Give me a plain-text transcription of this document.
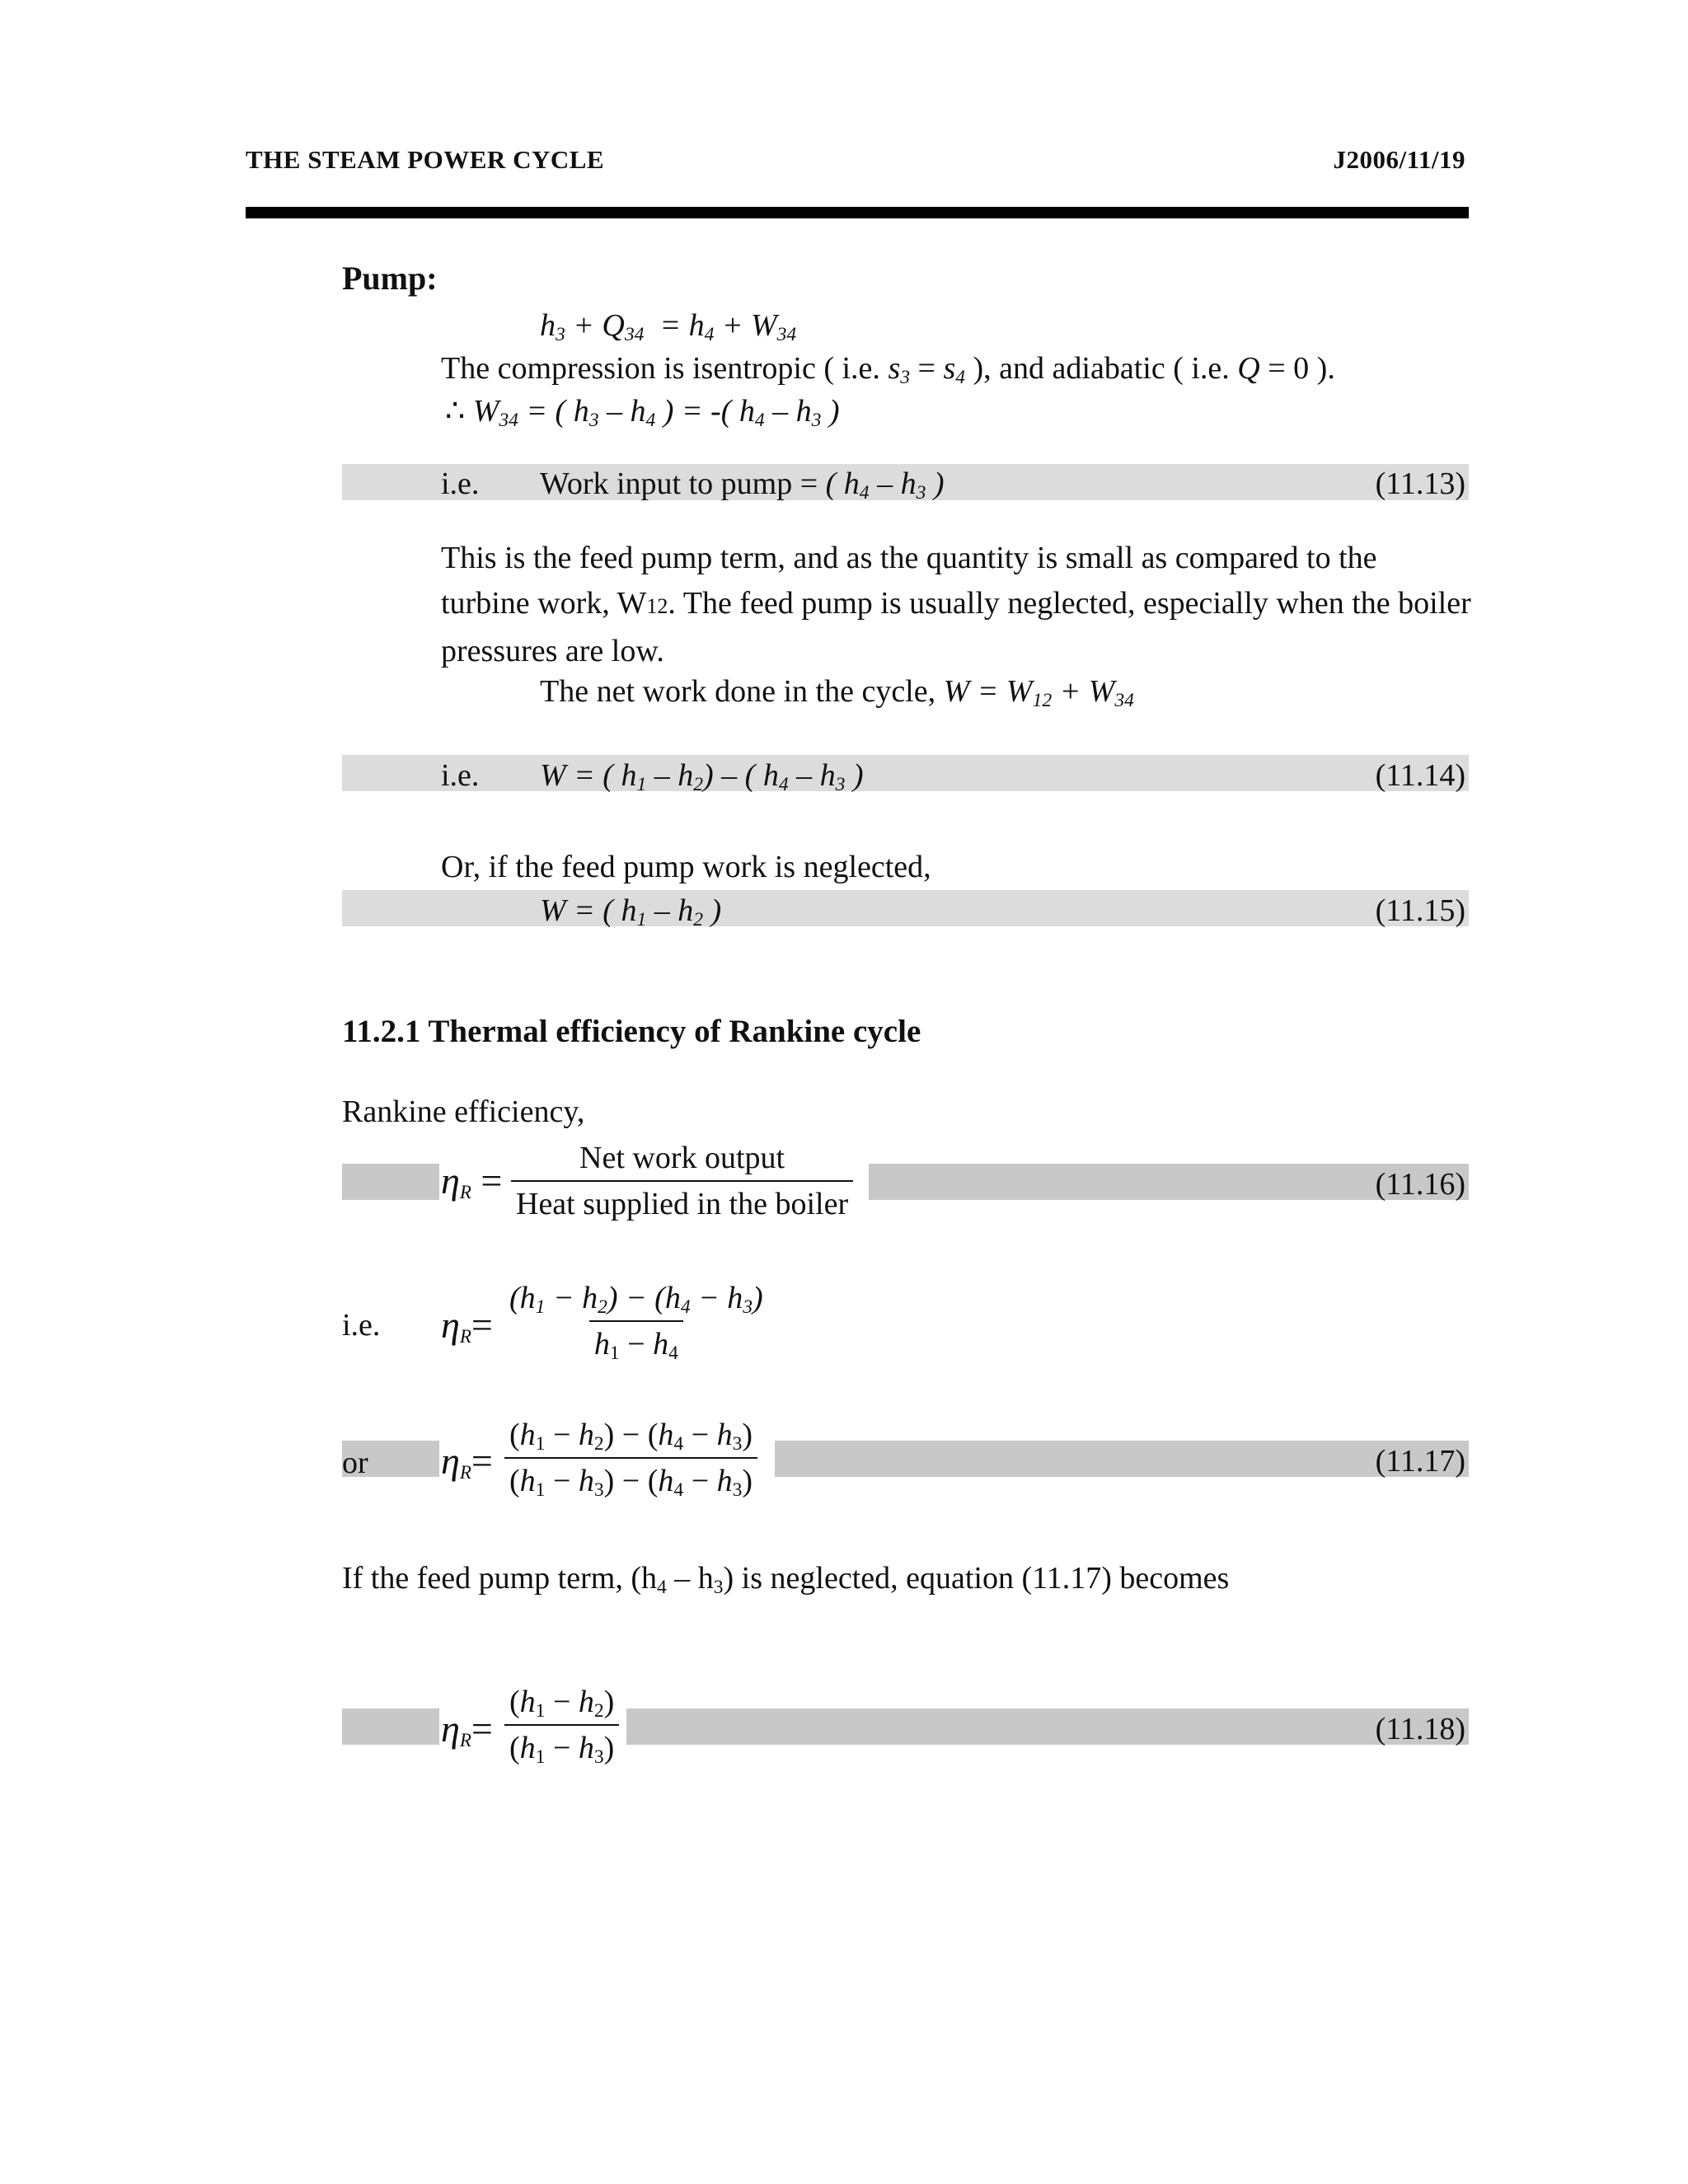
THE STEAM POWER CYCLE	J2006/11/19
Pump:
$h_3 + Q_{34} = h_4 + W_{34}$
The compression is isentropic ( i.e. $s_3 = s_4$ ), and adiabatic ( i.e. Q = 0 ).
∴ $W_{34}$ = ( $h_3 - h_4$ ) = -( $h_4 - h_3$ )
i.e. Work input to pump = ( $h_4 - h_3$ )	(11.13)
This is the feed pump term, and as the quantity is small as compared to the turbine work, W12. The feed pump is usually neglected, especially when the boiler pressures are low.
The net work done in the cycle, $W = W_{12} + W_{34}$
i.e. W = ( $h_1 - h_2$) – ( $h_4 - h_3$ )	(11.14)
Or, if the feed pump work is neglected,
W = ( $h_1 - h_2$ )	(11.15)
11.2.1 Thermal efficiency of Rankine cycle
Rankine efficiency,
$\eta_R$ =
Net work output
Heat supplied in the boiler
(11.16)
i.e. $\eta_R= \frac{(h_1 - h_2) - (h_4 - h_3)}{h_1 - h_4}$
or $\eta_R= \frac{(h_1 - h_2) - (h_4 - h_3)}{(h_1 - h_3) - (h_4 - h_3)}$	(11.17)
If the feed pump term, $(h_4 - h_3)$ is neglected, equation (11.17) becomes
$\eta_R= \frac{(h_1 - h_2)}{(h_1 - h_3)}$	(11.18)
